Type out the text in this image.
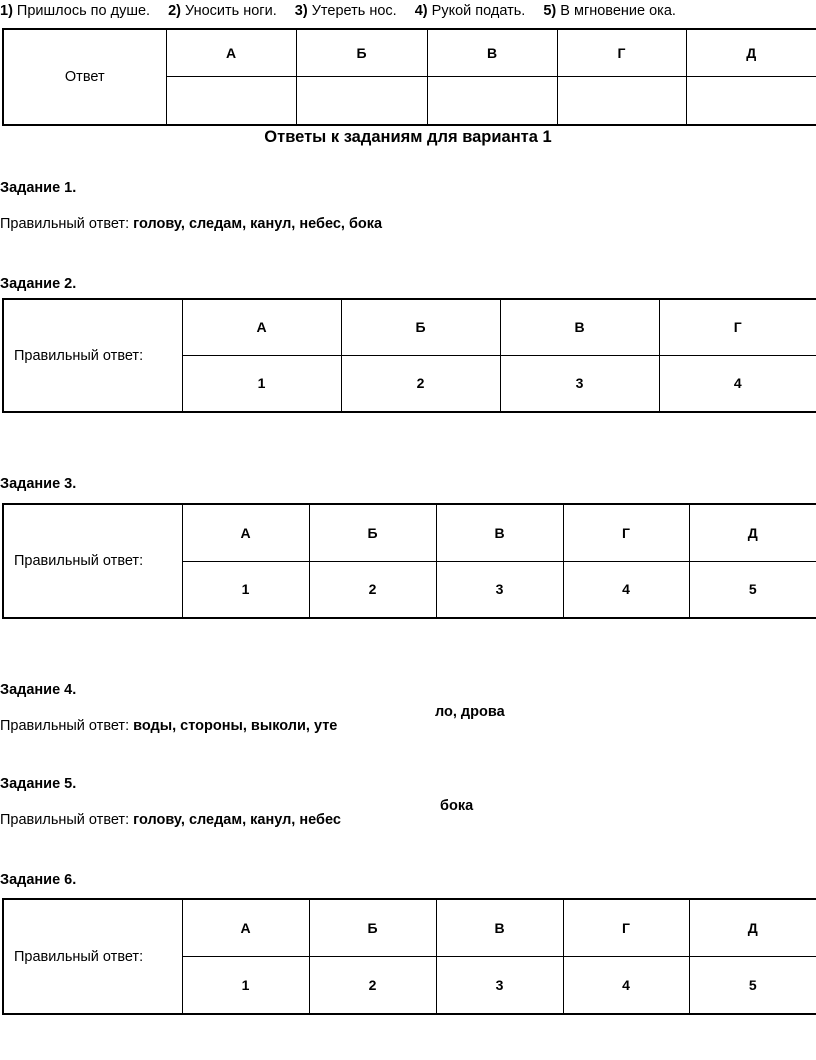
1) Пришлось по душе. 2) Уносить ноги. 3) Утереть нос. 4) Рукой подать. 5) В мгновение ока.
Ответ	А	Б	В	Г	Д

Ответы к заданиям для варианта 1
Задание 1.
Правильный ответ: голову, следам, канул, небес, бока
Задание 2.
Правильный ответ:	А	Б	В	Г
	1	2	3	4
Задание 3.
Правильный ответ:	А	Б	В	Г	Д
	1	2	3	4	5
Задание 4.
ло, дрова
Правильный ответ: воды, стороны, выколи, уте
Задание 5.
бока
Правильный ответ: голову, следам, канул, небес
Задание 6.
Правильный ответ:	А	Б	В	Г	Д
	1	2	3	4	5
